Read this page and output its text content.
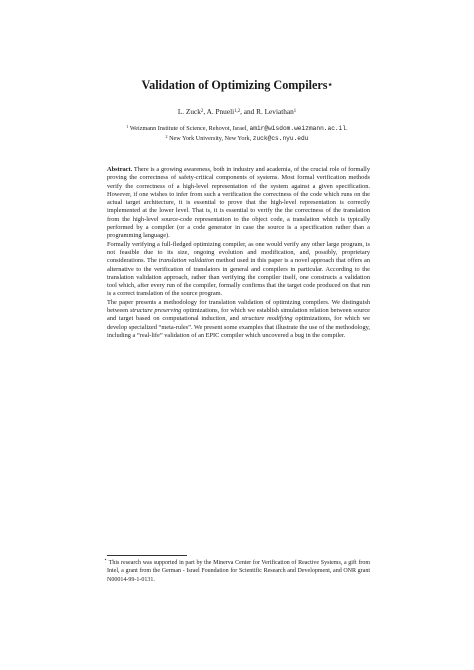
Validation of Optimizing Compilers⋆
L. Zuck$^2$, A. Pnueli$^{1,2}$, and R. Leviathan$^1$
$^1$ Weizmann Institute of Science, Rehovot, Israel, amir@wisdom.weizmann.ac.il.
$^2$ New York University, New York, zuck@cs.nyu.edu

Abstract. There is a growing awareness, both in industry and academia, of the crucial role of formally proving the correctness of safety-critical components of systems. Most formal verification methods verify the correctness of a high-level representation of the system against a given specification. However, if one wishes to infer from such a verification the correctness of the code which runs on the actual target architecture, it is essential to prove that the high-level representation is correctly implemented at the lower level. That is, it is essential to verify the the correctness of the translation from the high-level source-code representation to the object code, a translation which is typically performed by a compiler (or a code generator in case the source is a specification rather than a programming language).

Formally verifying a full-fledged optimizing compiler, as one would verify any other large program, is not feasible due to its size, ongoing evolution and modification, and, possibly, proprietary considerations. The translation validation method used in this paper is a novel approach that offers an alternative to the verification of translators in general and compilers in particular. According to the translation validation approach, rather than verifying the compiler itself, one constructs a validation tool which, after every run of the compiler, formally confirms that the target code produced on that run is a correct translation of the source program.

The paper presents a methodology for translation validation of optimizing compilers. We distinguish between structure preserving optimizations, for which we establish simulation relation between source and target based on computational induction, and structure modifying optimizations, for which we develop specialized “meta-rules”. We present some examples that illustrate the use of the methodology, including a “real-life” validation of an EPIC compiler which uncovered a bug in the compiler.

⋆ This research was supported in part by the Minerva Center for Verification of Reactive Systems, a gift from Intel, a grant from the German - Israel Foundation for Scientific Research and Development, and ONR grant N00014-99-1-0131.
